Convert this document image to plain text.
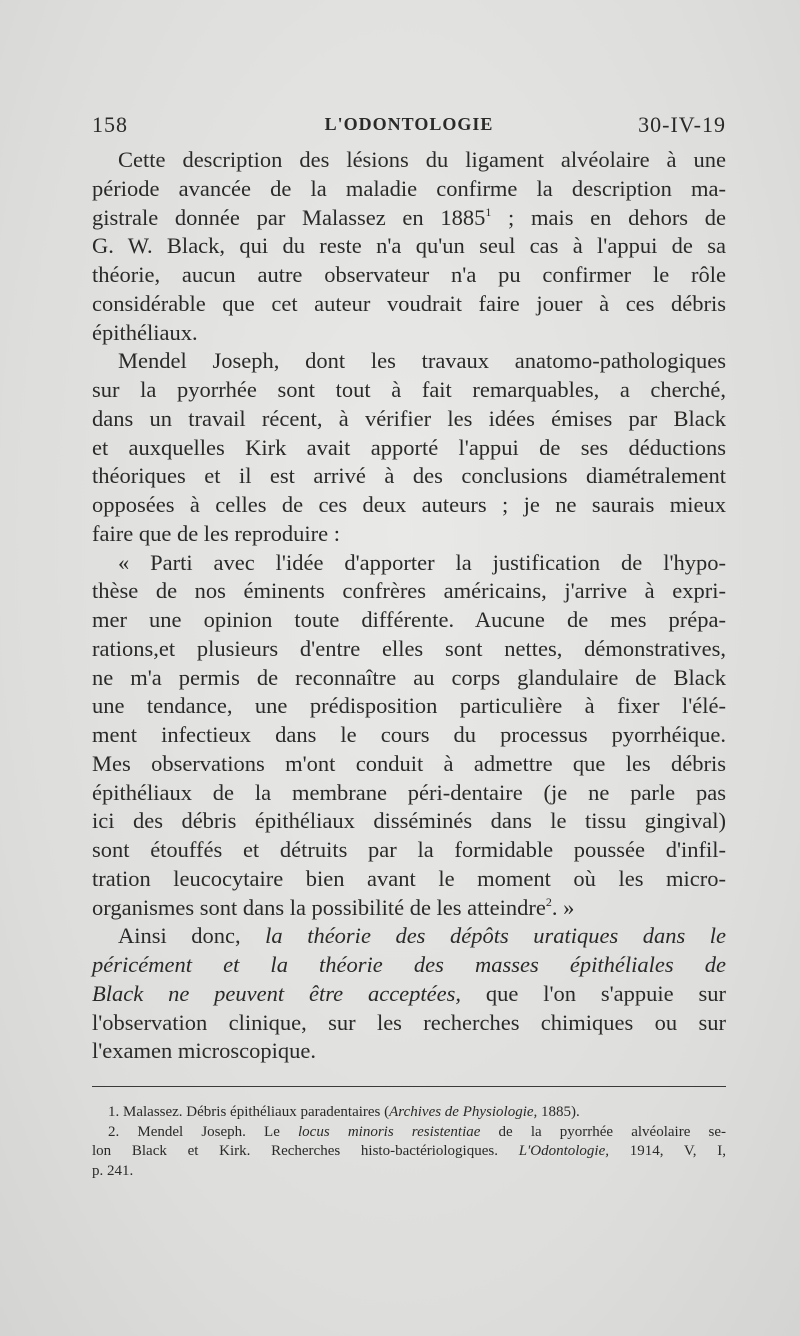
158	L'ODONTOLOGIE	30-IV-19
Cette description des lésions du ligament alvéolaire à une
période avancée de la maladie confirme la description ma-
gistrale donnée par Malassez en 1885$^1$ ; mais en dehors de
G. W. Black, qui du reste n'a qu'un seul cas à l'appui de sa
théorie, aucun autre observateur n'a pu confirmer le rôle
considérable que cet auteur voudrait faire jouer à ces débris
épithéliaux.
Mendel Joseph, dont les travaux anatomo-pathologiques
sur la pyorrhée sont tout à fait remarquables, a cherché,
dans un travail récent, à vérifier les idées émises par Black
et auxquelles Kirk avait apporté l'appui de ses déductions
théoriques et il est arrivé à des conclusions diamétralement
opposées à celles de ces deux auteurs ; je ne saurais mieux
faire que de les reproduire :
« Parti avec l'idée d'apporter la justification de l'hypo-
thèse de nos éminents confrères américains, j'arrive à expri-
mer une opinion toute différente. Aucune de mes prépa-
rations,et plusieurs d'entre elles sont nettes, démonstratives,
ne m'a permis de reconnaître au corps glandulaire de Black
une tendance, une prédisposition particulière à fixer l'élé-
ment infectieux dans le cours du processus pyorrhéique.
Mes observations m'ont conduit à admettre que les débris
épithéliaux de la membrane péri-dentaire (je ne parle pas
ici des débris épithéliaux disséminés dans le tissu gingival)
sont étouffés et détruits par la formidable poussée d'infil-
tration leucocytaire bien avant le moment où les micro-
organismes sont dans la possibilité de les atteindre$^2$. »
Ainsi donc, la théorie des dépôts uratiques dans le
péricément et la théorie des masses épithéliales de
Black ne peuvent être acceptées, que l'on s'appuie sur
l'observation clinique, sur les recherches chimiques ou sur
l'examen microscopique.
1. Malassez. Débris épithéliaux paradentaires (Archives de Physiologie, 1885).
2. Mendel Joseph. Le locus minoris resistentiae de la pyorrhée alvéolaire se-
lon Black et Kirk. Recherches histo-bactériologiques. L'Odontologie, 1914, V, I,
p. 241.
